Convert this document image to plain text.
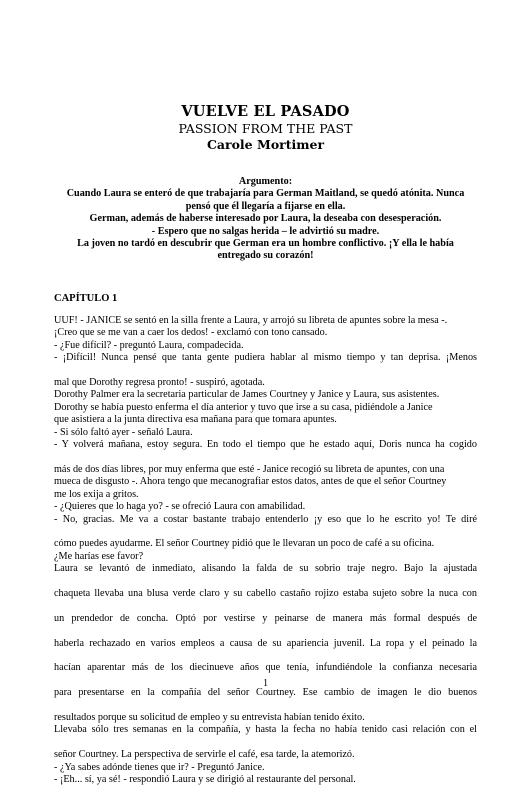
VUELVE EL PASADO
PASSION FROM THE PAST
Carole Mortimer
Argumento:
Cuando Laura se enteró de que trabajaría para German Maitland, se quedó atónita. Nunca
pensó que él llegaría a fijarse en ella.
German, además de haberse interesado por Laura, la deseaba con desesperación.
- Espero que no salgas herida – le advirtió su madre.
La joven no tardó en descubrir que German era un hombre conflictivo. ¡Y ella le había
entregado su corazón!
CAPÍTULO 1

UUF! - JANICE se sentó en la silla frente a Laura, y arrojó su libreta de apuntes sobre la mesa -.

¡Creo que se me van a caer los dedos! - exclamó con tono cansado.

- ¿Fue difícil? - preguntó Laura, compadecida.

- ¡Difícil! Nunca pensé que tanta gente pudiera hablar al mismo tiempo y tan deprisa. ¡Menos

mal que Dorothy regresa pronto! - suspiró, agotada.

Dorothy Palmer era la secretaria particular de James Courtney y Janice y Laura, sus asistentes.

Dorothy se había puesto enferma el día anterior y tuvo que irse a su casa, pidiéndole a Janice

que asistiera a la junta directiva esa mañana para que tomara apuntes.

- Si sólo faltó ayer - señaló Laura.

- Y volverá mañana, estoy segura. En todo el tiempo que he estado aquí, Doris nunca ha cogido

más de dos días libres, por muy enferma que esté - Janice recogió su libreta de apuntes, con una

mueca de disgusto -. Ahora tengo que mecanografiar estos datos, antes de que el señor Courtney

me los exija a gritos.

- ¿Quieres que lo haga yo? - se ofreció Laura con amabilidad.

- No, gracias. Me va a costar bastante trabajo entenderlo ¡y eso que lo he escrito yo! Te diré

cómo puedes ayudarme. El señor Courtney pidió que le llevaran un poco de café a su oficina.

¿Me harías ese favor?

Laura se levantó de inmediato, alisando la falda de su sobrio traje negro. Bajo la ajustada

chaqueta llevaba una blusa verde claro y su cabello castaño rojizo estaba sujeto sobre la nuca con

un prendedor de concha. Optó por vestirse y peinarse de manera más formal después de

haberla rechazado en varios empleos a causa de su apariencia juvenil. La ropa y el peinado la

hacían aparentar más de los diecinueve años que tenía, infundiéndole la confianza necesaria

para presentarse en la compañía del señor Courtney. Ese cambio de imagen le dio buenos

resultados porque su solicitud de empleo y su entrevista habían tenido éxito.

Llevaba sólo tres semanas en la compañía, y hasta la fecha no había tenido casi relación con el

señor Courtney. La perspectiva de servirle el café, esa tarde, la atemorizó.

- ¿Ya sabes adónde tienes que ir? - Preguntó Janice.

- ¡Eh... sí, ya sé! - respondió Laura y se dirigió al restaurante del personal.

1
